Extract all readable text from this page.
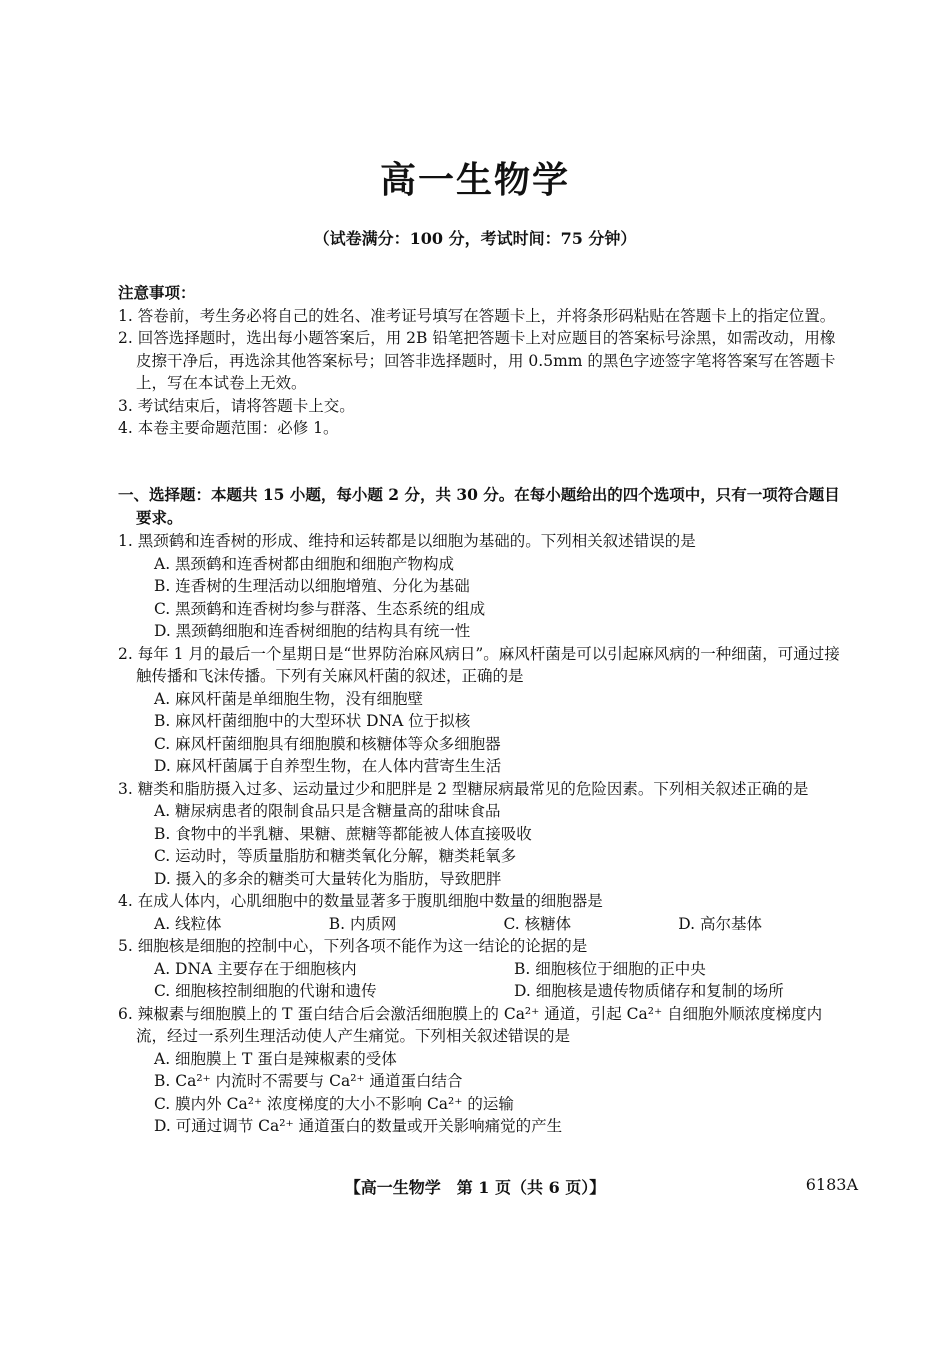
高一生物学
（试卷满分：100 分，考试时间：75 分钟）
注意事项：
1. 答卷前，考生务必将自己的姓名、准考证号填写在答题卡上，并将条形码粘贴在答题卡上的指定位置。
2. 回答选择题时，选出每小题答案后，用 2B 铅笔把答题卡上对应题目的答案标号涂黑，如需改动，用橡皮擦干净后，再选涂其他答案标号；回答非选择题时，用 0.5mm 的黑色字迹签字笔将答案写在答题卡上，写在本试卷上无效。
3. 考试结束后，请将答题卡上交。
4. 本卷主要命题范围：必修 1。
一、选择题：本题共 15 小题，每小题 2 分，共 30 分。在每小题给出的四个选项中，只有一项符合题目要求。
1. 黑颈鹤和连香树的形成、维持和运转都是以细胞为基础的。下列相关叙述错误的是
A. 黑颈鹤和连香树都由细胞和细胞产物构成
B. 连香树的生理活动以细胞增殖、分化为基础
C. 黑颈鹤和连香树均参与群落、生态系统的组成
D. 黑颈鹤细胞和连香树细胞的结构具有统一性
2. 每年 1 月的最后一个星期日是“世界防治麻风病日”。麻风杆菌是可以引起麻风病的一种细菌，可通过接触传播和飞沫传播。下列有关麻风杆菌的叙述，正确的是
A. 麻风杆菌是单细胞生物，没有细胞壁
B. 麻风杆菌细胞中的大型环状 DNA 位于拟核
C. 麻风杆菌细胞具有细胞膜和核糖体等众多细胞器
D. 麻风杆菌属于自养型生物，在人体内营寄生生活
3. 糖类和脂肪摄入过多、运动量过少和肥胖是 2 型糖尿病最常见的危险因素。下列相关叙述正确的是
A. 糖尿病患者的限制食品只是含糖量高的甜味食品
B. 食物中的半乳糖、果糖、蔗糖等都能被人体直接吸收
C. 运动时，等质量脂肪和糖类氧化分解，糖类耗氧多
D. 摄入的多余的糖类可大量转化为脂肪，导致肥胖
4. 在成人体内，心肌细胞中的数量显著多于腹肌细胞中数量的细胞器是
A. 线粒体	B. 内质网	C. 核糖体	D. 高尔基体
5. 细胞核是细胞的控制中心，下列各项不能作为这一结论的论据的是
A. DNA 主要存在于细胞核内	B. 细胞核位于细胞的正中央
C. 细胞核控制细胞的代谢和遗传	D. 细胞核是遗传物质储存和复制的场所
6. 辣椒素与细胞膜上的 T 蛋白结合后会激活细胞膜上的 Ca²⁺ 通道，引起 Ca²⁺ 自细胞外顺浓度梯度内流，经过一系列生理活动使人产生痛觉。下列相关叙述错误的是
A. 细胞膜上 T 蛋白是辣椒素的受体
B. Ca²⁺ 内流时不需要与 Ca²⁺ 通道蛋白结合
C. 膜内外 Ca²⁺ 浓度梯度的大小不影响 Ca²⁺ 的运输
D. 可通过调节 Ca²⁺ 通道蛋白的数量或开关影响痛觉的产生
【高一生物学　第 1 页（共 6 页）】	6183A
